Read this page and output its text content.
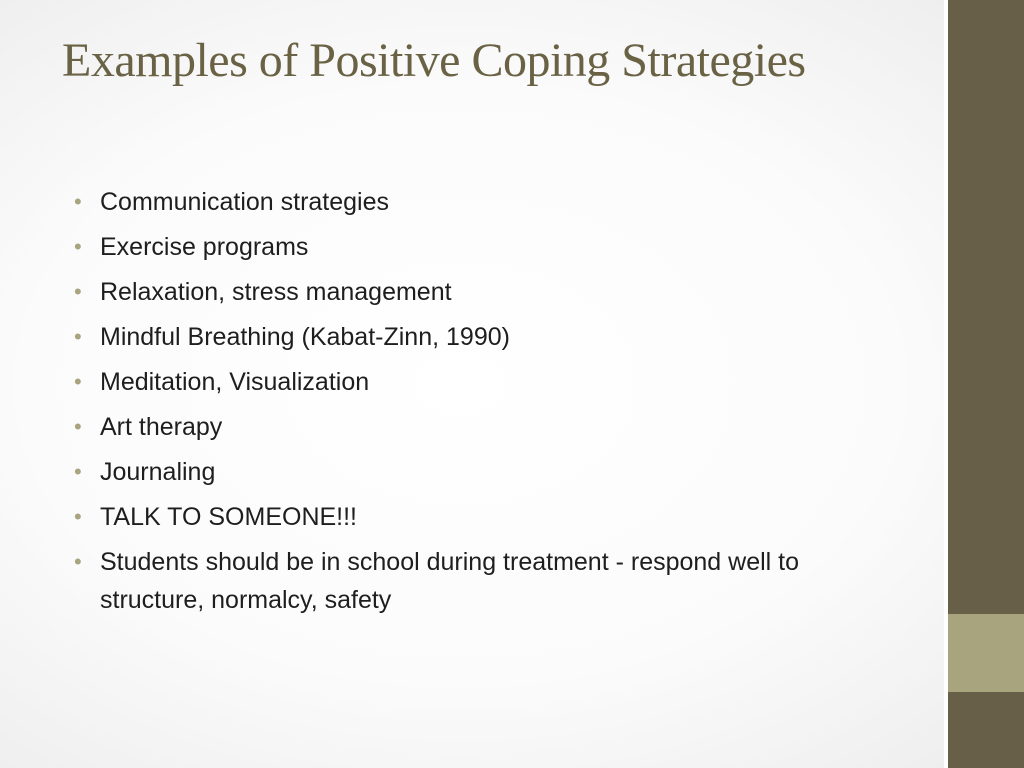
Examples of Positive Coping Strategies
• Communication strategies
• Exercise programs
• Relaxation, stress management
• Mindful Breathing (Kabat-Zinn, 1990)
• Meditation, Visualization
• Art therapy
• Journaling
• TALK TO SOMEONE!!!
• Students should be in school during treatment - respond well to structure, normalcy, safety
